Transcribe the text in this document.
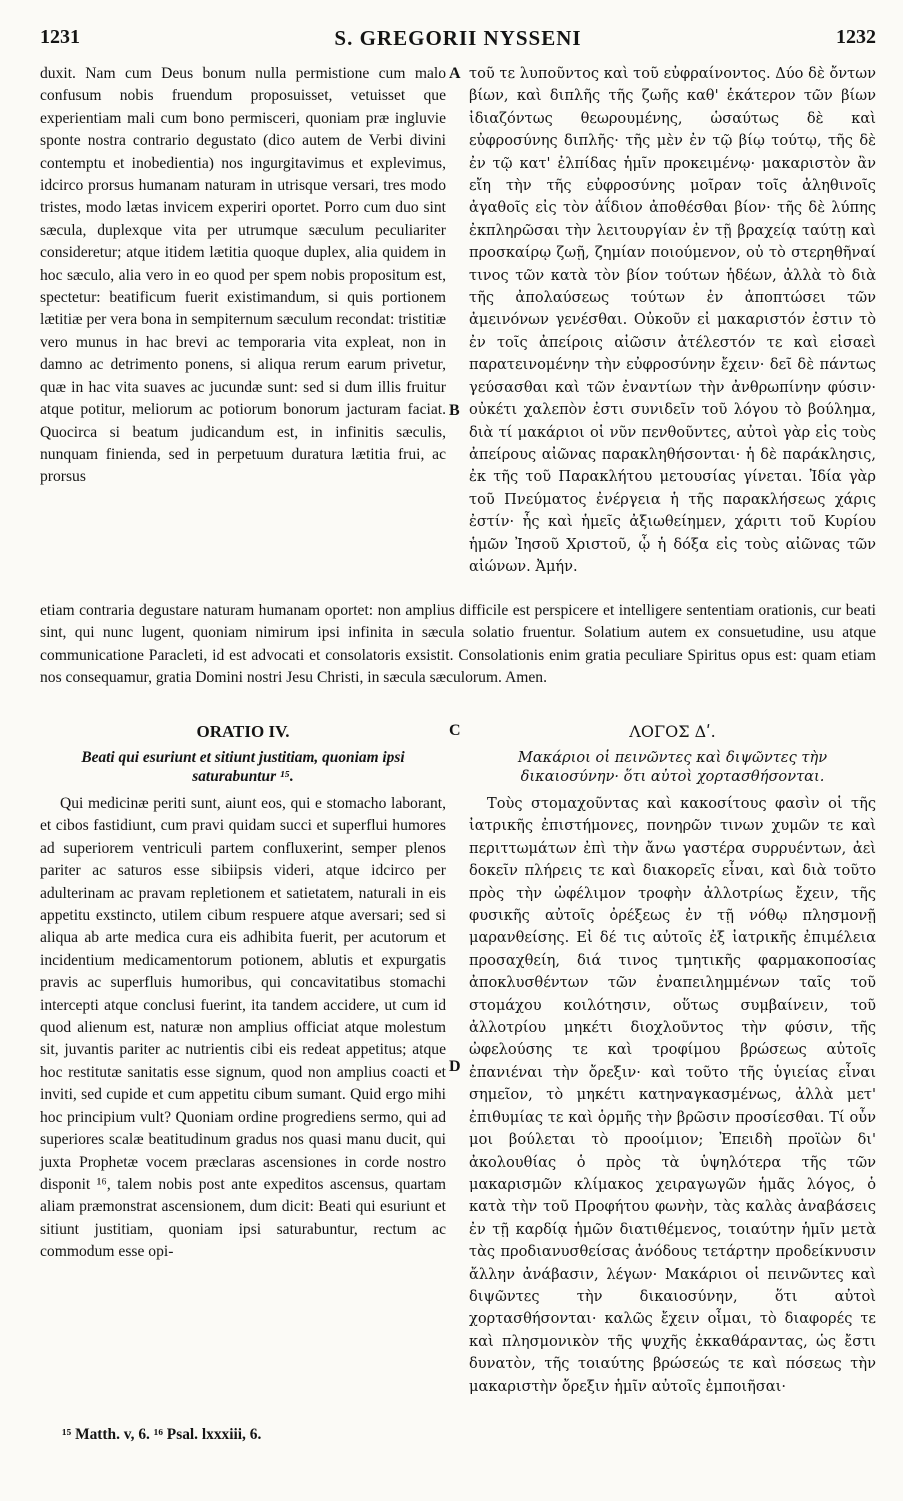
1231	S. GREGORII NYSSENI	1232

duxit. Nam cum Deus bonum nulla permistione cum malo confusum nobis fruendum proposuisset, vetuisset que experientiam mali cum bono permisceri, quoniam præ ingluvie sponte nostra contrario degustato (dico autem de Verbi divini contemptu et inobedientia) nos ingurgitavimus et explevimus, idcirco prorsus humanam naturam in utrisque versari, tres modo tristes, modo lætas invicem experiri oportet. Porro cum duo sint sæcula, duplexque vita per utrumque sæculum peculiariter consideretur; atque itidem lætitia quoque duplex, alia quidem in hoc sæculo, alia vero in eo quod per spem nobis propositum est, spectetur: beatificum fuerit existimandum, si quis portionem lætitiæ per vera bona in sempiternum sæculum recondat: tristitiæ vero munus in hac brevi ac temporaria vita expleat, non in damno ac detrimento ponens, si aliqua rerum earum privetur, quæ in hac vita suaves ac jucundæ sunt: sed si dum illis fruitur atque potitur, meliorum ac potiorum bonorum jacturam faciat. Quocirca si beatum judicandum est, in infinitis sæculis, nunquam finienda, sed in perpetuum duratura lætitia frui, ac prorsus

A
B

τοῦ τε λυποῦντος καὶ τοῦ εὐφραίνοντος. Δύο δὲ ὄντων βίων, καὶ διπλῆς τῆς ζωῆς καθ' ἑκάτερον τῶν βίων ἰδιαζόντως θεωρουμένης, ὡσαύτως δὲ καὶ εὐφροσύνης διπλῆς· τῆς μὲν ἐν τῷ βίῳ τούτῳ, τῆς δὲ ἐν τῷ κατ' ἐλπίδας ἡμῖν προκειμένῳ· μακαριστὸν ἂν εἴη τὴν τῆς εὐφροσύνης μοῖραν τοῖς ἀληθινοῖς ἀγαθοῖς εἰς τὸν ἀΐδιον ἀποθέσθαι βίον· τῆς δὲ λύπης ἐκπληρῶσαι τὴν λειτουργίαν ἐν τῇ βραχείᾳ ταύτῃ καὶ προσκαίρῳ ζωῇ, ζημίαν ποιούμενον, οὐ τὸ στερηθῆναί τινος τῶν κατὰ τὸν βίον τούτων ἡδέων, ἀλλὰ τὸ διὰ τῆς ἀπολαύσεως τούτων ἐν ἀποπτώσει τῶν ἀμεινόνων γενέσθαι. Οὐκοῦν εἰ μακαριστόν ἐστιν τὸ ἐν τοῖς ἀπείροις αἰῶσιν ἀτέλεστόν τε καὶ εἰσαεὶ παρατεινομένην τὴν εὐφροσύνην ἔχειν· δεῖ δὲ πάντως γεύσασθαι καὶ τῶν ἐναντίων τὴν ἀνθρωπίνην φύσιν· οὐκέτι χαλεπὸν ἐστι συνιδεῖν τοῦ λόγου τὸ βούλημα, διὰ τί μακάριοι οἱ νῦν πενθοῦντες, αὐτοὶ γὰρ εἰς τοὺς ἀπείρους αἰῶνας παρακληθήσονται· ἡ δὲ παράκλησις, ἐκ τῆς τοῦ Παρακλήτου μετουσίας γίνεται. Ἰδία γὰρ τοῦ Πνεύματος ἐνέργεια ἡ τῆς παρακλήσεως χάρις ἐστίν· ἧς καὶ ἡμεῖς ἀξιωθείημεν, χάριτι τοῦ Κυρίου ἡμῶν Ἰησοῦ Χριστοῦ, ᾧ ἡ δόξα εἰς τοὺς αἰῶνας τῶν αἰώνων. Ἀμήν.

etiam contraria degustare naturam humanam oportet: non amplius difficile est perspicere et intelligere sententiam orationis, cur beati sint, qui nunc lugent, quoniam nimirum ipsi infinita in sæcula solatio fruentur. Solatium autem ex consuetudine, usu atque communicatione Paracleti, id est advocati et consolatoris exsistit. Consolationis enim gratia peculiare Spiritus opus est: quam etiam nos consequamur, gratia Domini nostri Jesu Christi, in sæcula sæculorum. Amen.

C
ORATIO IV.	ΛΟΓΟΣ Δʹ.
Beati qui esuriunt et sitiunt justitiam, quoniam ipsi saturabuntur ¹⁵.
Μακάριοι οἱ πεινῶντες καὶ διψῶντες τὴν δικαιοσύνην· ὅτι αὐτοὶ χορτασθήσονται.

Qui medicinæ periti sunt, aiunt eos, qui e stomacho laborant, et cibos fastidiunt, cum pravi quidam succi et superflui humores ad superiorem ventriculi partem confluxerint, semper plenos pariter ac saturos esse sibiipsis videri, atque idcirco per adulterinam ac pravam repletionem et satietatem, naturali in eis appetitu exstincto, utilem cibum respuere atque aversari; sed si aliqua ab arte medica cura eis adhibita fuerit, per acutorum et incidentium medicamentorum potionem, ablutis et expurgatis pravis ac superfluis humoribus, qui concavitatibus stomachi intercepti atque conclusi fuerint, ita tandem accidere, ut cum id quod alienum est, naturæ non amplius officiat atque molestum sit, juvantis pariter ac nutrientis cibi eis redeat appetitus; atque hoc restitutæ sanitatis esse signum, quod non amplius coacti et inviti, sed cupide et cum appetitu cibum sumant. Quid ergo mihi hoc principium vult? Quoniam ordine progrediens sermo, qui ad superiores scalæ beatitudinum gradus nos quasi manu ducit, qui juxta Prophetæ vocem præclaras ascensiones in corde nostro disponit ¹⁶, talem nobis post ante expeditos ascensus, quartam aliam præmonstrat ascensionem, dum dicit: Beati qui esuriunt et sitiunt justitiam, quoniam ipsi saturabuntur, rectum ac commodum esse opi-

D

Τοὺς στομαχοῦντας καὶ κακοσίτους φασὶν οἱ τῆς ἰατρικῆς ἐπιστήμονες, πονηρῶν τινων χυμῶν τε καὶ περιττωμάτων ἐπὶ τὴν ἄνω γαστέρα συρρυέντων, ἀεὶ δοκεῖν πλήρεις τε καὶ διακορεῖς εἶναι, καὶ διὰ τοῦτο πρὸς τὴν ὠφέλιμον τροφὴν ἀλλοτρίως ἔχειν, τῆς φυσικῆς αὐτοῖς ὀρέξεως ἐν τῇ νόθῳ πλησμονῇ μαρανθείσης. Εἰ δέ τις αὐτοῖς ἐξ ἰατρικῆς ἐπιμέλεια προσαχθείη, διά τινος τμητικῆς φαρμακοποσίας ἀποκλυσθέντων τῶν ἐναπειλημμένων ταῖς τοῦ στομάχου κοιλότησιν, οὕτως συμβαίνειν, τοῦ ἀλλοτρίου μηκέτι διοχλοῦντος τὴν φύσιν, τῆς ὠφελούσης τε καὶ τροφίμου βρώσεως αὐτοῖς ἐπανιέναι τὴν ὄρεξιν· καὶ τοῦτο τῆς ὑγιείας εἶναι σημεῖον, τὸ μηκέτι κατηναγκασμένως, ἀλλὰ μετ' ἐπιθυμίας τε καὶ ὁρμῆς τὴν βρῶσιν προσίεσθαι. Τί οὖν μοι βούλεται τὸ προοίμιον; Ἐπειδὴ προϊὼν δι' ἀκολουθίας ὁ πρὸς τὰ ὑψηλότερα τῆς τῶν μακαρισμῶν κλίμακος χειραγωγῶν ἡμᾶς λόγος, ὁ κατὰ τὴν τοῦ Προφήτου φωνὴν, τὰς καλὰς ἀναβάσεις ἐν τῇ καρδίᾳ ἡμῶν διατιθέμενος, τοιαύτην ἡμῖν μετὰ τὰς προδιανυσθείσας ἀνόδους τετάρτην προδείκνυσιν ἄλλην ἀνάβασιν, λέγων· Μακάριοι οἱ πεινῶντες καὶ διψῶντες τὴν δικαιοσύνην, ὅτι αὐτοὶ χορτασθήσονται· καλῶς ἔχειν οἶμαι, τὸ διαφορές τε καὶ πλησμονικὸν τῆς ψυχῆς ἐκκαθάραντας, ὡς ἔστι δυνατὸν, τῆς τοιαύτης βρώσεώς τε καὶ πόσεως τὴν μακαριστὴν ὄρεξιν ἡμῖν αὐτοῖς ἐμποιῆσαι·

¹⁵ Matth. v, 6. ¹⁶ Psal. lxxxiii, 6.
